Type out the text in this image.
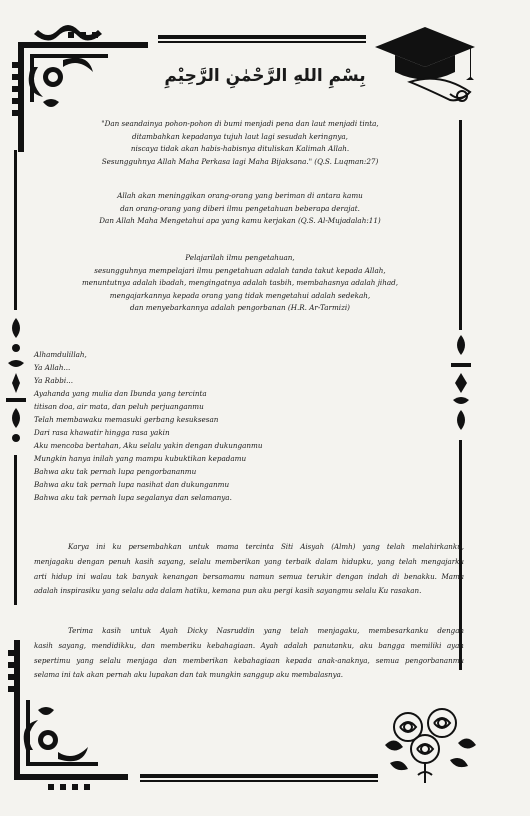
بِسْمِ اللهِ الرَّحْمٰنِ الرَّحِيْمِ
"Dan seandainya pohon-pohon di bumi menjadi pena dan laut menjadi tinta,
ditambahkan kepadanya tujuh laut lagi sesudah keringnya,
niscaya tidak akan habis-habisnya dituliskan Kalimah Allah.
Sesungguhnya Allah Maha Perkasa lagi Maha Bijaksana." (Q.S. Luqman:27)
Allah akan meninggikan orang-orang yang beriman di antara kamu
dan orang-orang yang diberi ilmu pengetahuan beberapa derajat.
Dan Allah Maha Mengetahui apa yang kamu kerjakan (Q.S. Al-Mujadalah:11)
Pelajarilah ilmu pengetahuan,
sesungguhnya mempelajari ilmu pengetahuan adalah tanda takut kepada Allah,
menuntutnya adalah ibadah, mengingatnya adalah tasbih, membahasnya adalah jihad,
mengajarkannya kepada orang yang tidak mengetahui adalah sedekah,
dan menyebarkannya adalah pengorbanan (H.R. Ar-Tarmizi)
Alhamdulillah,
Ya Allah...
Ya Rabbi...
Ayahanda yang mulia dan Ibunda yang tercinta
titisan doa, air mata, dan peluh perjuanganmu
Telah membawaku memasuki gerbang kesuksesan
Dari rasa khawatir hingga rasa yakin
Aku mencoba bertahan, Aku selalu yakin dengan dukunganmu
Mungkin hanya inilah yang mampu kubuktikan kepadamu
Bahwa aku tak pernah lupa pengorbananmu
Bahwa aku tak pernah lupa nasihat dan dukunganmu
Bahwa aku tak pernah lupa segalanya dan selamanya.
Karya ini ku persembahkan untuk mama tercinta Siti Aisyah (Almh) yang telah melahirkanku,
menjagaku dengan penuh kasih sayang, selalu memberikan yang terbaik dalam hidupku, yang telah mengajarku
arti hidup ini walau tak banyak kenangan bersamamu namun semua terukir dengan indah di benakku. Mama
adalah inspirasiku yang selalu ada dalam hatiku, kemana pun aku pergi kasih sayangmu selalu Ku rasakan.
Terima kasih untuk Ayah Dicky Nasruddin yang telah menjagaku, membesarkanku dengan
kasih sayang, mendidikku, dan memberiku kebahagiaan. Ayah adalah panutanku, aku bangga memiliki ayah
sepertimu yang selalu menjaga dan memberikan kebahagiaan kepada anak-anaknya, semua pengorbananmu
selama ini tak akan pernah aku lupakan dan tak mungkin sanggup aku membalasnya.
